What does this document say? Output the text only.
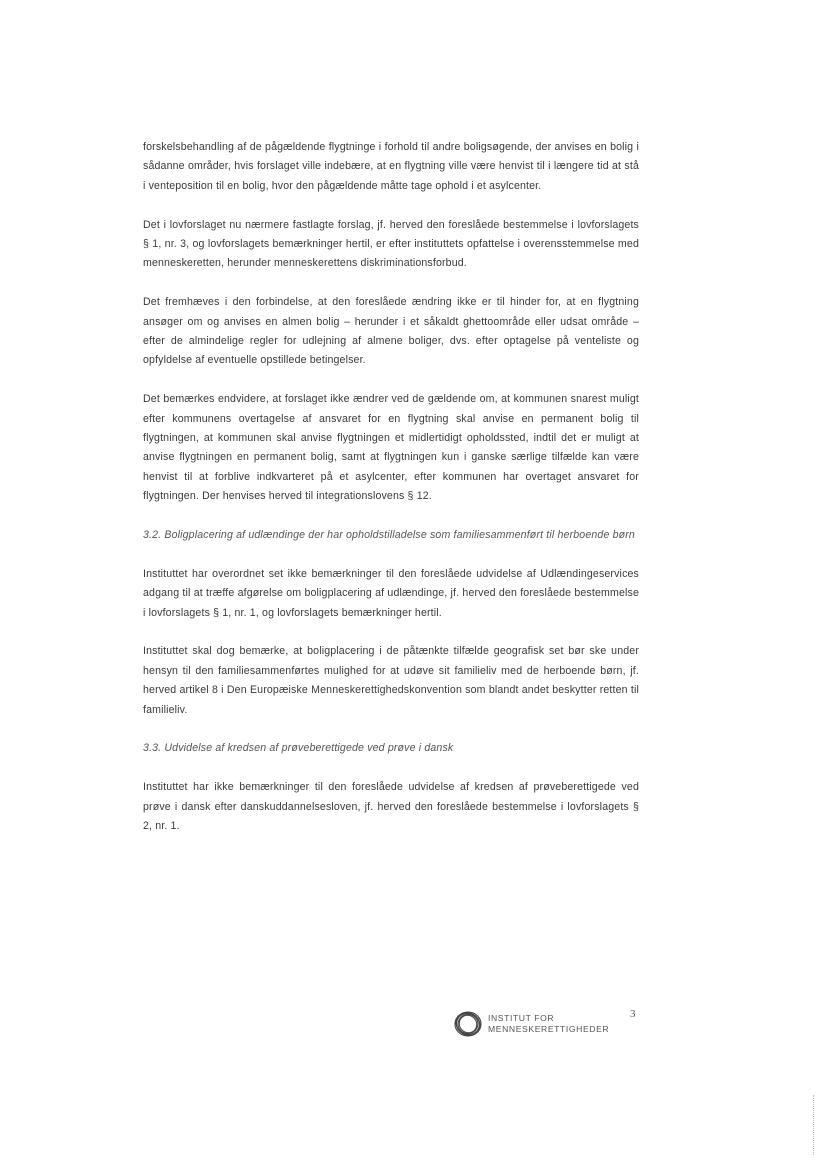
forskelsbehandling af de pågældende flygtninge i forhold til andre boligsøgende, der anvises en bolig i sådanne områder, hvis forslaget ville indebære, at en flygtning ville være henvist til i længere tid at stå i venteposition til en bolig, hvor den pågældende måtte tage ophold i et asylcenter.

Det i lovforslaget nu nærmere fastlagte forslag, jf. herved den foreslåede bestemmelse i lovforslagets § 1, nr. 3, og lovforslagets bemærkninger hertil, er efter instituttets opfattelse i overensstemmelse med menneskeretten, herunder menneskerettens diskriminationsforbud.

Det fremhæves i den forbindelse, at den foreslåede ændring ikke er til hinder for, at en flygtning ansøger om og anvises en almen bolig – herunder i et såkaldt ghettoområde eller udsat område – efter de almindelige regler for udlejning af almene boliger, dvs. efter optagelse på venteliste og opfyldelse af eventuelle opstillede betingelser.

Det bemærkes endvidere, at forslaget ikke ændrer ved de gældende om, at kommunen snarest muligt efter kommunens overtagelse af ansvaret for en flygtning skal anvise en permanent bolig til flygtningen, at kommunen skal anvise flygtningen et midlertidigt opholdssted, indtil det er muligt at anvise flygtningen en permanent bolig, samt at flygtningen kun i ganske særlige tilfælde kan være henvist til at forblive indkvarteret på et asylcenter, efter kommunen har overtaget ansvaret for flygtningen. Der henvises herved til integrationslovens § 12.

3.2. Boligplacering af udlændinge der har opholdstilladelse som familiesammenført til herboende børn

Instituttet har overordnet set ikke bemærkninger til den foreslåede udvidelse af Udlændingeservices adgang til at træffe afgørelse om boligplacering af udlændinge, jf. herved den foreslåede bestemmelse i lovforslagets § 1, nr. 1, og lovforslagets bemærkninger hertil.

Instituttet skal dog bemærke, at boligplacering i de påtænkte tilfælde geografisk set bør ske under hensyn til den familiesammenførtes mulighed for at udøve sit familieliv med de herboende børn, jf. herved artikel 8 i Den Europæiske Menneskerettighedskonvention som blandt andet beskytter retten til familieliv.

3.3. Udvidelse af kredsen af prøveberettigede ved prøve i dansk

Instituttet har ikke bemærkninger til den foreslåede udvidelse af kredsen af prøveberettigede ved prøve i dansk efter danskuddannelsesloven, jf. herved den foreslåede bestemmelse i lovforslagets § 2, nr. 1.

INSTITUT FOR
MENNESKERETTIGHEDER
3
